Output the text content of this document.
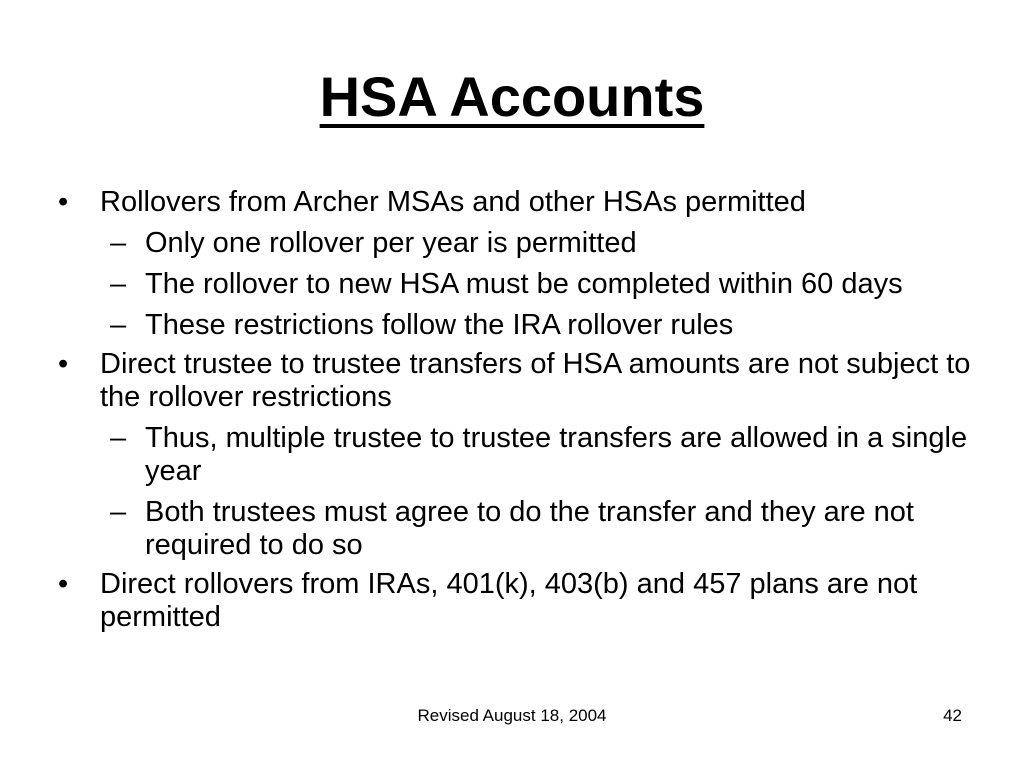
HSA Accounts
• Rollovers from Archer MSAs and other HSAs permitted
– Only one rollover per year is permitted
– The rollover to new HSA must be completed within 60 days
– These restrictions follow the IRA rollover rules
• Direct trustee to trustee transfers of HSA amounts are not subject to the rollover restrictions
– Thus, multiple trustee to trustee transfers are allowed in a single year
– Both trustees must agree to do the transfer and they are not required to do so
• Direct rollovers from IRAs, 401(k), 403(b) and 457 plans are not permitted
Revised August 18, 2004	42
